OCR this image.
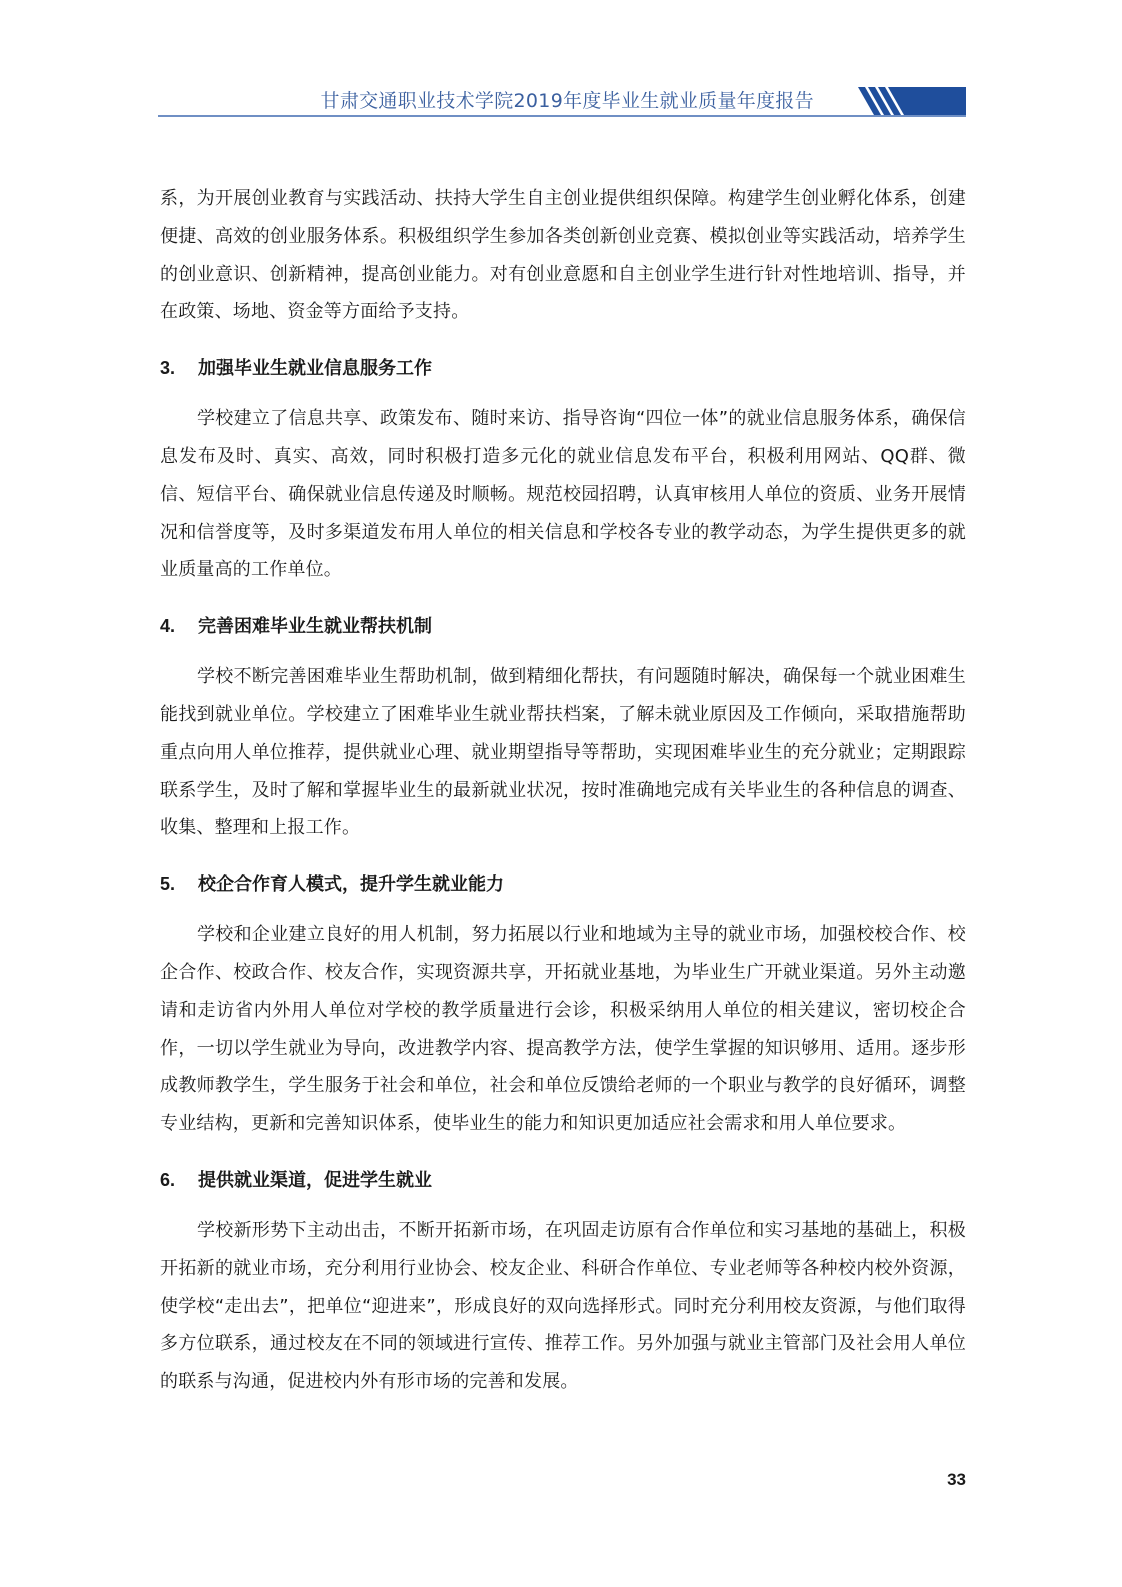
甘肃交通职业技术学院2019年度毕业生就业质量年度报告

系，为开展创业教育与实践活动、扶持大学生自主创业提供组织保障。构建学生创业孵化体系，创建便捷、高效的创业服务体系。积极组织学生参加各类创新创业竞赛、模拟创业等实践活动，培养学生的创业意识、创新精神，提高创业能力。对有创业意愿和自主创业学生进行针对性地培训、指导，并在政策、场地、资金等方面给予支持。

3. 加强毕业生就业信息服务工作

学校建立了信息共享、政策发布、随时来访、指导咨询“四位一体”的就业信息服务体系，确保信息发布及时、真实、高效，同时积极打造多元化的就业信息发布平台，积极利用网站、QQ群、微信、短信平台、确保就业信息传递及时顺畅。规范校园招聘，认真审核用人单位的资质、业务开展情况和信誉度等，及时多渠道发布用人单位的相关信息和学校各专业的教学动态，为学生提供更多的就业质量高的工作单位。

4. 完善困难毕业生就业帮扶机制

学校不断完善困难毕业生帮助机制，做到精细化帮扶，有问题随时解决，确保每一个就业困难生能找到就业单位。学校建立了困难毕业生就业帮扶档案，了解未就业原因及工作倾向，采取措施帮助重点向用人单位推荐，提供就业心理、就业期望指导等帮助，实现困难毕业生的充分就业；定期跟踪联系学生，及时了解和掌握毕业生的最新就业状况，按时准确地完成有关毕业生的各种信息的调查、收集、整理和上报工作。

5. 校企合作育人模式，提升学生就业能力

学校和企业建立良好的用人机制，努力拓展以行业和地域为主导的就业市场，加强校校合作、校企合作、校政合作、校友合作，实现资源共享，开拓就业基地，为毕业生广开就业渠道。另外主动邀请和走访省内外用人单位对学校的教学质量进行会诊，积极采纳用人单位的相关建议，密切校企合作，一切以学生就业为导向，改进教学内容、提高教学方法，使学生掌握的知识够用、适用。逐步形成教师教学生，学生服务于社会和单位，社会和单位反馈给老师的一个职业与教学的良好循环，调整专业结构，更新和完善知识体系，使毕业生的能力和知识更加适应社会需求和用人单位要求。

6. 提供就业渠道，促进学生就业

学校新形势下主动出击，不断开拓新市场，在巩固走访原有合作单位和实习基地的基础上，积极开拓新的就业市场，充分利用行业协会、校友企业、科研合作单位、专业老师等各种校内校外资源，使学校“走出去”，把单位“迎进来”，形成良好的双向选择形式。同时充分利用校友资源，与他们取得多方位联系，通过校友在不同的领域进行宣传、推荐工作。另外加强与就业主管部门及社会用人单位的联系与沟通，促进校内外有形市场的完善和发展。

33
